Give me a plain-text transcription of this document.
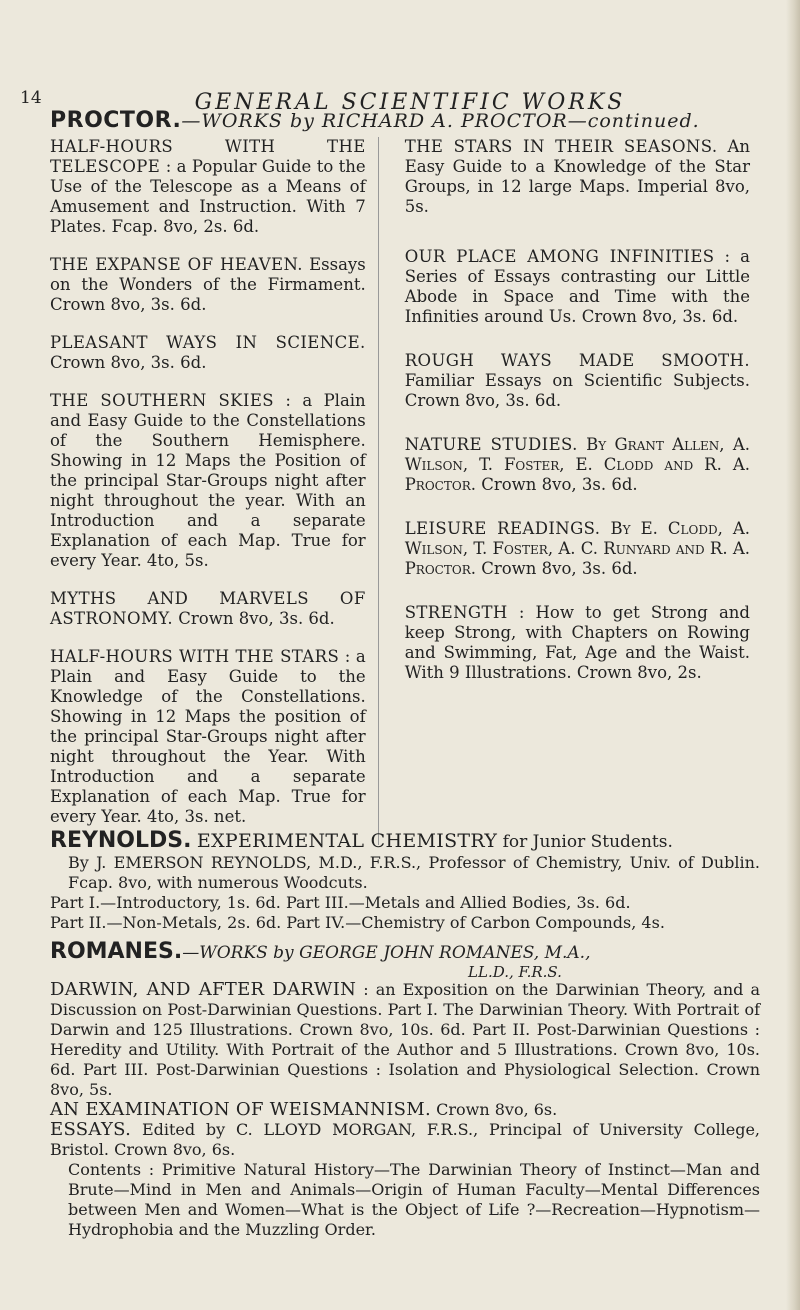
14	GENERAL SCIENTIFIC WORKS
PROCTOR.—WORKS by RICHARD A. PROCTOR—continued.
HALF-HOURS WITH THE TELESCOPE : a Popular Guide to the Use of the Telescope as a Means of Amusement and Instruction. With 7 Plates. Fcap. 8vo, 2s. 6d.
THE EXPANSE OF HEAVEN. Essays on the Wonders of the Firmament. Crown 8vo, 3s. 6d.
PLEASANT WAYS IN SCIENCE. Crown 8vo, 3s. 6d.
THE SOUTHERN SKIES : a Plain and Easy Guide to the Constellations of the Southern Hemisphere. Showing in 12 Maps the Position of the principal Star-Groups night after night throughout the year. With an Introduction and a separate Explanation of each Map. True for every Year. 4to, 5s.
MYTHS AND MARVELS OF ASTRONOMY. Crown 8vo, 3s. 6d.
HALF-HOURS WITH THE STARS : a Plain and Easy Guide to the Knowledge of the Constellations. Showing in 12 Maps the position of the principal Star-Groups night after night throughout the Year. With Introduction and a separate Explanation of each Map. True for every Year. 4to, 3s. net.
THE STARS IN THEIR SEASONS. An Easy Guide to a Knowledge of the Star Groups, in 12 large Maps. Imperial 8vo, 5s.
OUR PLACE AMONG INFINITIES : a Series of Essays contrasting our Little Abode in Space and Time with the Infinities around Us. Crown 8vo, 3s. 6d.
ROUGH WAYS MADE SMOOTH. Familiar Essays on Scientific Subjects. Crown 8vo, 3s. 6d.
NATURE STUDIES. By Grant Allen, A. Wilson, T. Foster, E. Clodd and R. A. Proctor. Crown 8vo, 3s. 6d.
LEISURE READINGS. By E. Clodd, A. Wilson, T. Foster, A. C. Runyard and R. A. Proctor. Crown 8vo, 3s. 6d.
STRENGTH : How to get Strong and keep Strong, with Chapters on Rowing and Swimming, Fat, Age and the Waist. With 9 Illustrations. Crown 8vo, 2s.
REYNOLDS. EXPERIMENTAL CHEMISTRY for Junior Students.
By J. EMERSON REYNOLDS, M.D., F.R.S., Professor of Chemistry, Univ. of Dublin. Fcap. 8vo, with numerous Woodcuts.
Part I.—Introductory, 1s. 6d. Part III.—Metals and Allied Bodies, 3s. 6d.
Part II.—Non-Metals, 2s. 6d. Part IV.—Chemistry of Carbon Compounds, 4s.
ROMANES.—WORKS by GEORGE JOHN ROMANES, M.A.,
LL.D., F.R.S.
DARWIN, AND AFTER DARWIN : an Exposition on the Darwinian Theory, and a Discussion on Post-Darwinian Questions. Part I. The Darwinian Theory. With Portrait of Darwin and 125 Illustrations. Crown 8vo, 10s. 6d. Part II. Post-Darwinian Questions : Heredity and Utility. With Portrait of the Author and 5 Illustrations. Crown 8vo, 10s. 6d. Part III. Post-Darwinian Questions : Isolation and Physiological Selection. Crown 8vo, 5s.
AN EXAMINATION OF WEISMANNISM. Crown 8vo, 6s.
ESSAYS. Edited by C. LLOYD MORGAN, F.R.S., Principal of University College, Bristol. Crown 8vo, 6s.
Contents : Primitive Natural History—The Darwinian Theory of Instinct—Man and Brute—Mind in Men and Animals—Origin of Human Faculty—Mental Differences between Men and Women—What is the Object of Life ?—Recreation—Hypnotism—Hydrophobia and the Muzzling Order.
